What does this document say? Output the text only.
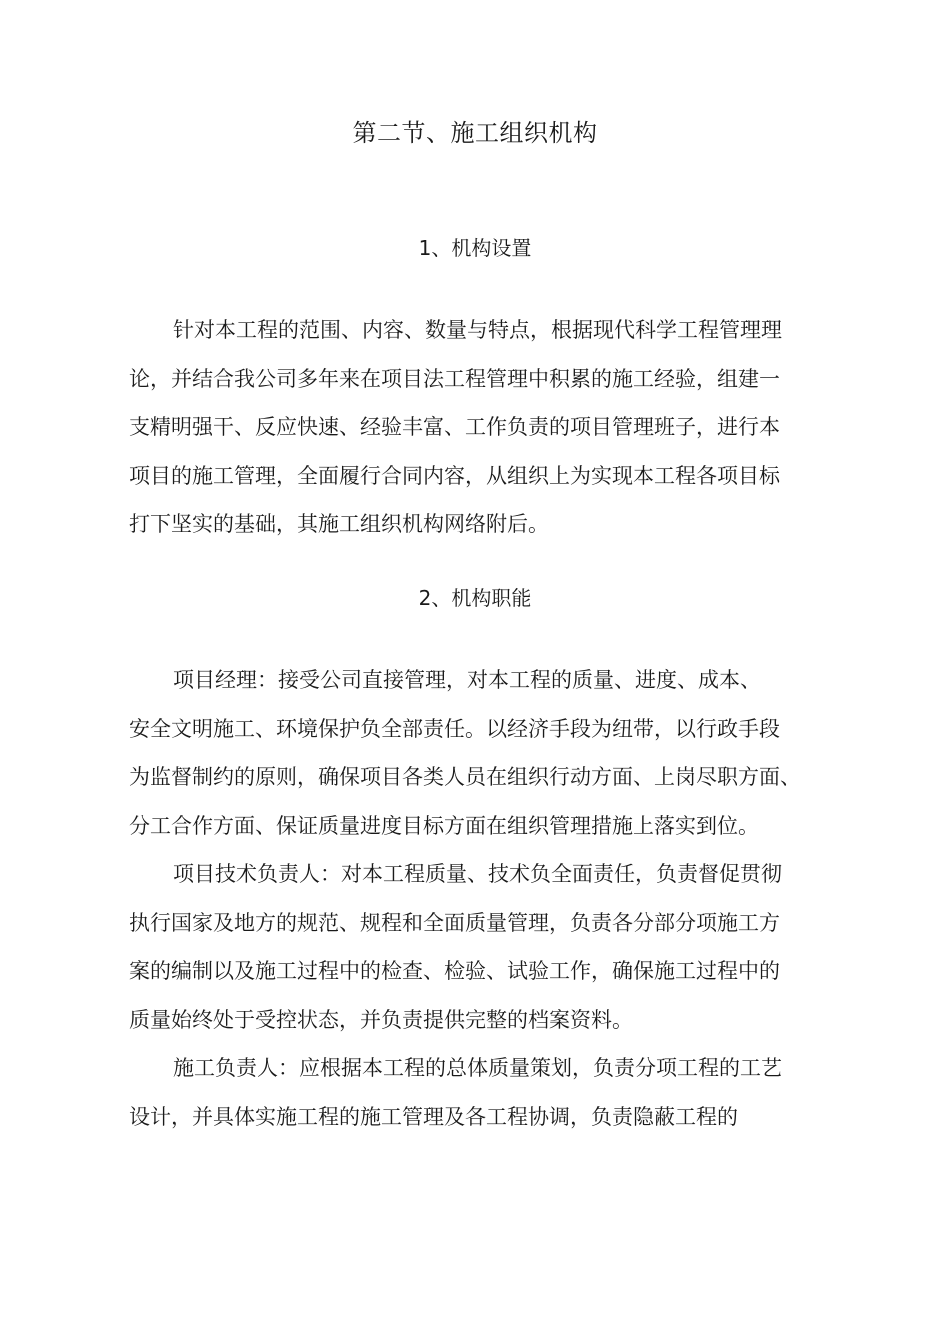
第二节、施工组织机构
1、机构设置

针对本工程的范围、内容、数量与特点，根据现代科学工程管理理
论，并结合我公司多年来在项目法工程管理中积累的施工经验，组建一
支精明强干、反应快速、经验丰富、工作负责的项目管理班子，进行本
项目的施工管理，全面履行合同内容，从组织上为实现本工程各项目标
打下坚实的基础，其施工组织机构网络附后。

2、机构职能

项目经理：接受公司直接管理，对本工程的质量、进度、成本、
安全文明施工、环境保护负全部责任。以经济手段为纽带，以行政手段
为监督制约的原则，确保项目各类人员在组织行动方面、上岗尽职方面、
分工合作方面、保证质量进度目标方面在组织管理措施上落实到位。

项目技术负责人：对本工程质量、技术负全面责任，负责督促贯彻
执行国家及地方的规范、规程和全面质量管理，负责各分部分项施工方
案的编制以及施工过程中的检查、检验、试验工作，确保施工过程中的
质量始终处于受控状态，并负责提供完整的档案资料。

施工负责人：应根据本工程的总体质量策划，负责分项工程的工艺
设计，并具体实施工程的施工管理及各工程协调，负责隐蔽工程的
